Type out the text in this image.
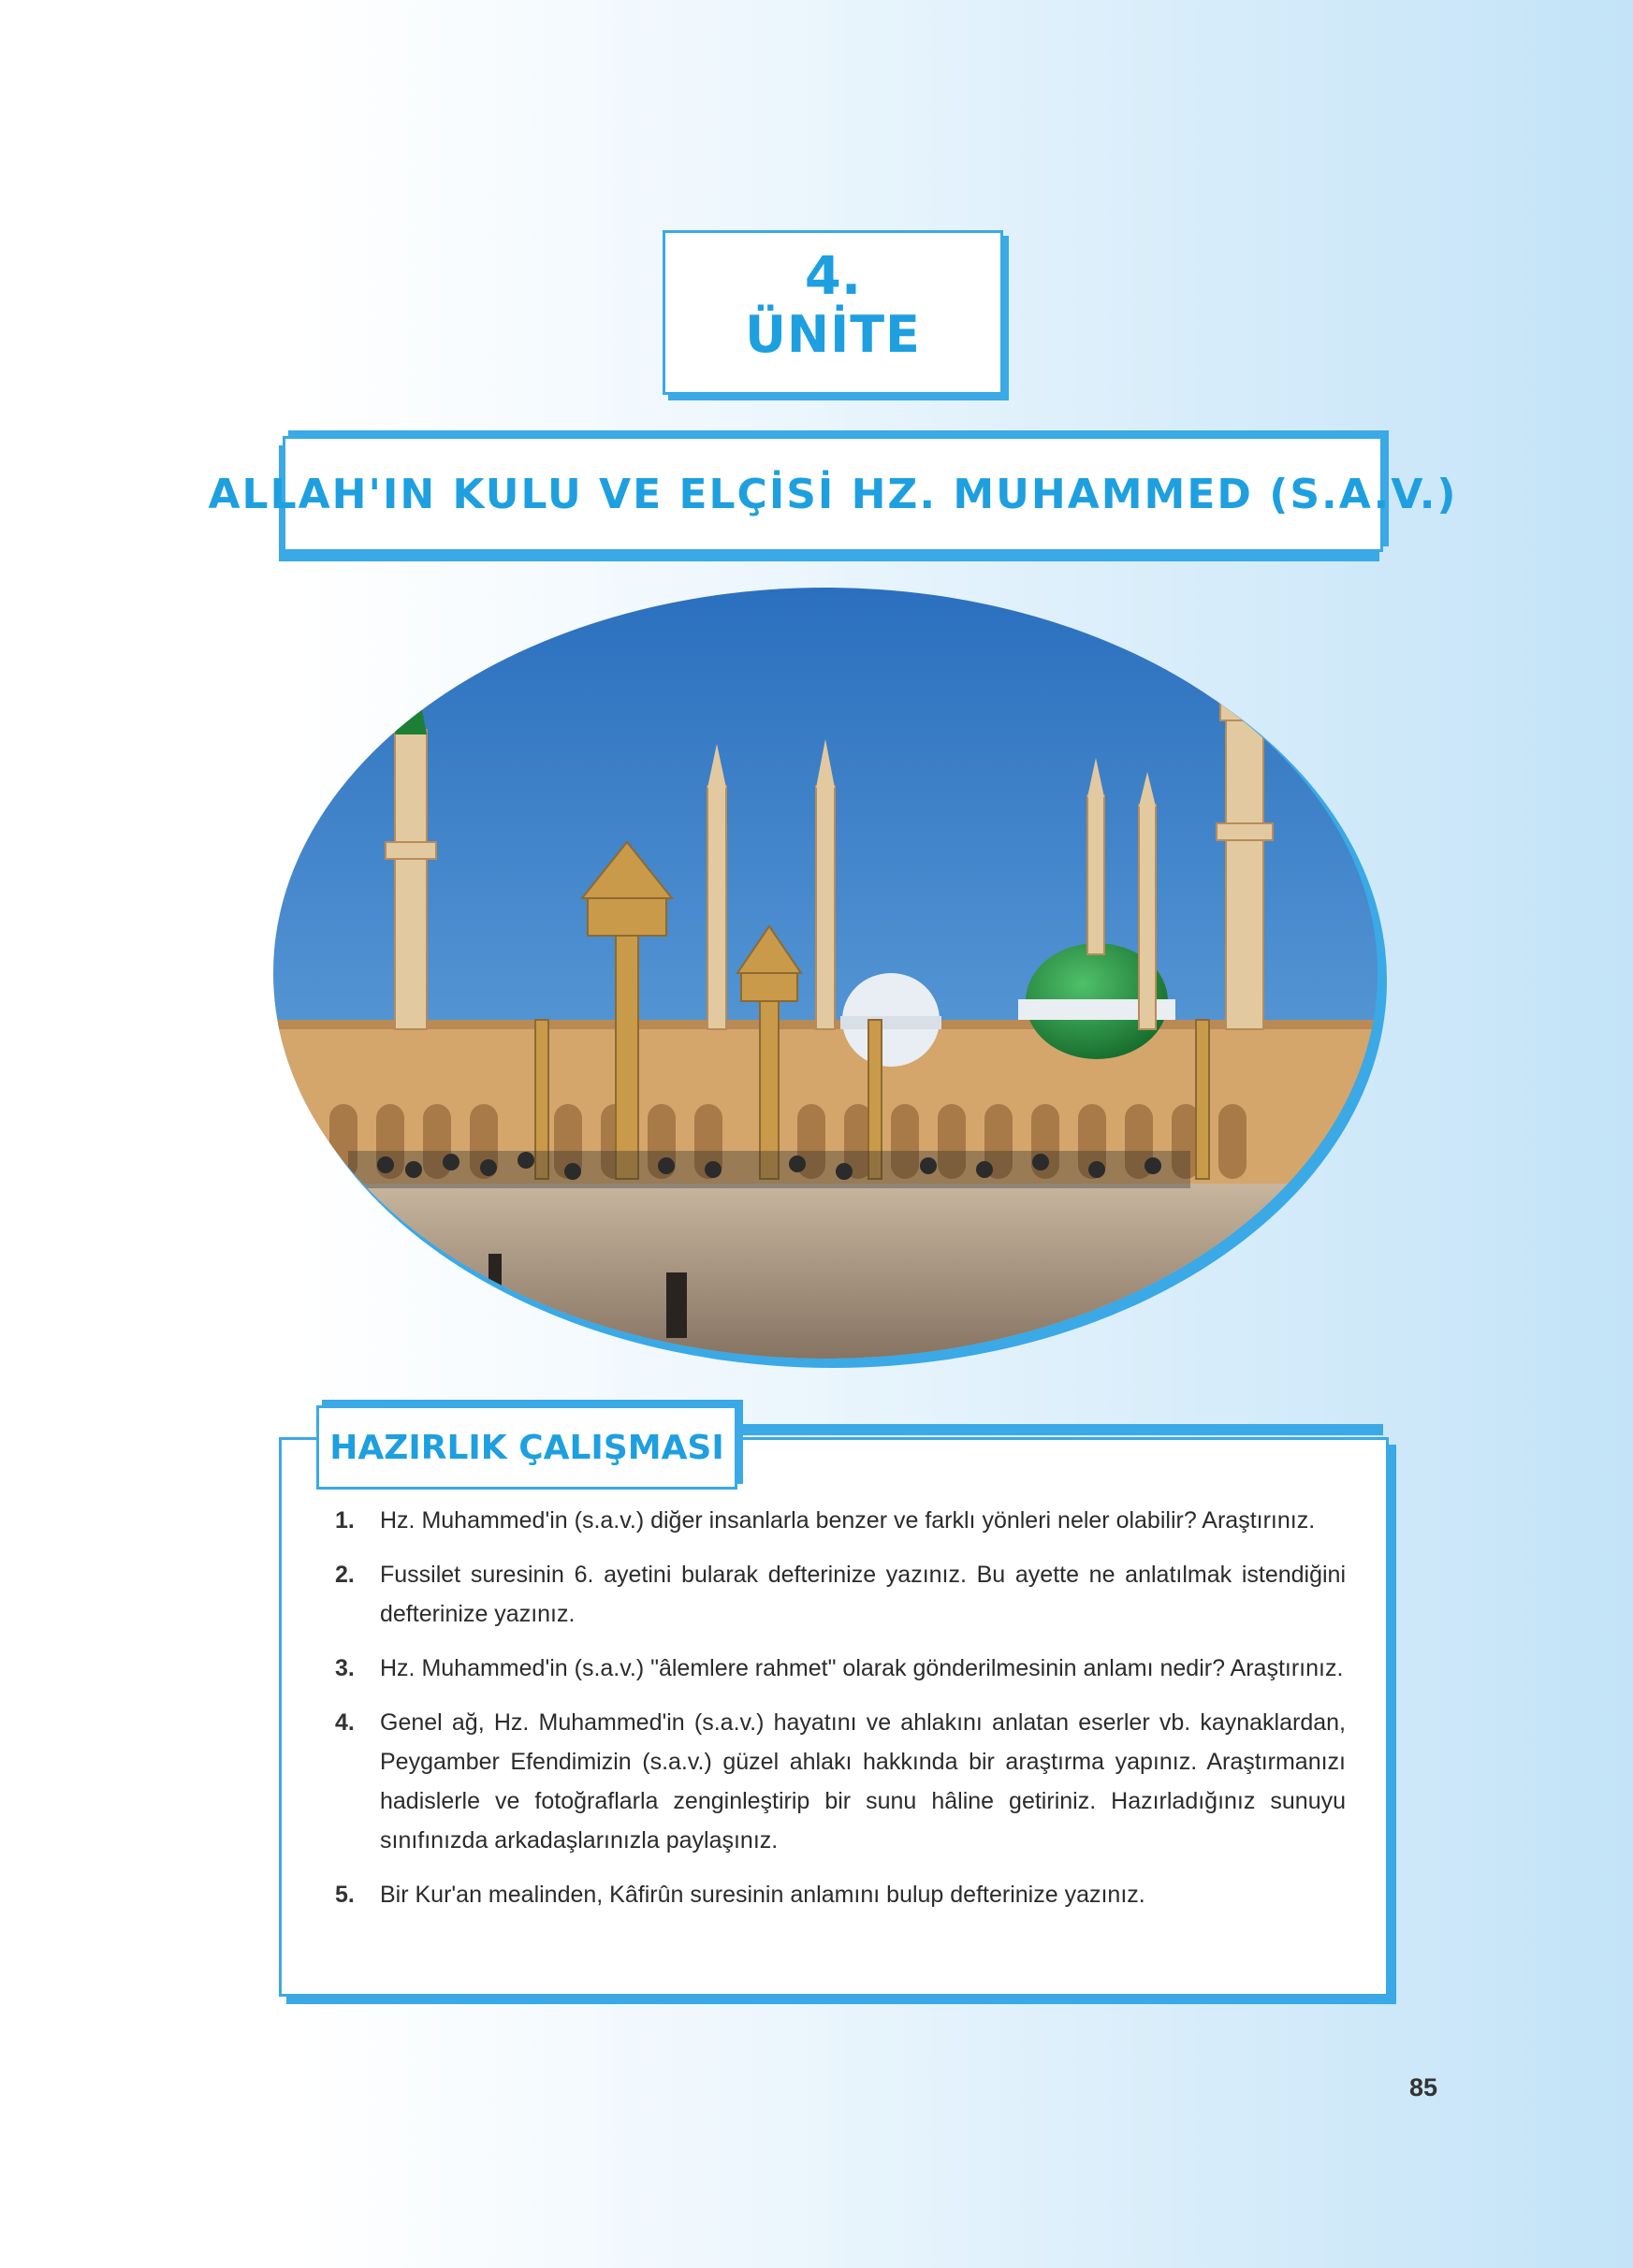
4.
ÜNİTE
ALLAH'IN KULU VE ELÇİSİ HZ. MUHAMMED (S.A.V.)
HAZIRLIK ÇALIŞMASI
1.	Hz. Muhammed'in (s.a.v.) diğer insanlarla benzer ve farklı yönleri neler olabilir? Araştırınız.
2.	Fussilet suresinin 6. ayetini bularak defterinize yazınız. Bu ayette ne anlatılmak istendiğini defterinize yazınız.
3.	Hz. Muhammed'in (s.a.v.) "âlemlere rahmet" olarak gönderilmesinin anlamı nedir? Araştırınız.
4.	Genel ağ, Hz. Muhammed'in (s.a.v.) hayatını ve ahlakını anlatan eserler vb. kaynaklardan, Peygamber Efendimizin (s.a.v.) güzel ahlakı hakkında bir araştırma yapınız. Araştırmanızı hadislerle ve fotoğraflarla zenginleştirip bir sunu hâline getiriniz. Hazırladığınız sunuyu sınıfınızda arkadaşlarınızla paylaşınız.
5.	Bir Kur'an mealinden, Kâfirûn suresinin anlamını bulup defterinize yazınız.
85
